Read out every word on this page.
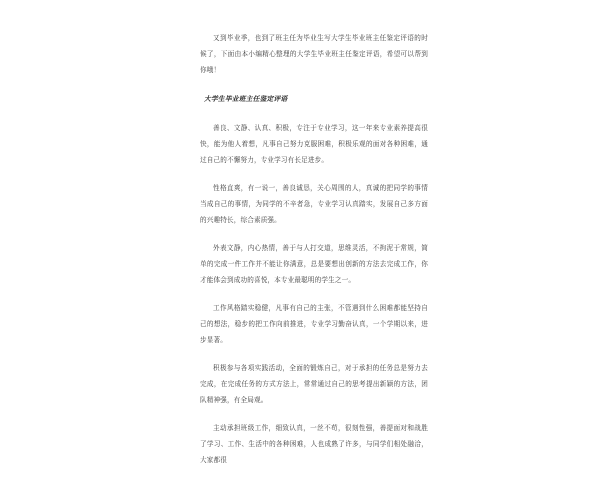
又到毕业季，也到了班主任为毕业生写大学生毕业班主任鉴定评语的时候了，下面由本小编精心整理的大学生毕业班主任鉴定评语，希望可以帮到你哦！

大学生毕业班主任鉴定评语

善良、文静、认真、积极，专注于专业学习，这一年来专业素养提高很快，能为他人着想，凡事自己努力克服困难，积极乐观的面对各种困难，通过自己的不懈努力，专业学习有长足进步。

性格直爽，有一说一，善良诚恳，关心周围的人，真诚的把同学的事情当成自己的事情，为同学的不辛者急，专业学习认真踏实，发展自己多方面的兴趣特长，综合素质强。

外表文静，内心热情，善于与人打交道，思维灵活，不拘泥于常规，简单的完成一件工作并不能让你满意，总是要想出创新的方法去完成工作，你才能体会到成功的喜悦，本专业最聪明的学生之一。

工作风格踏实稳健，凡事有自己的主张，不管遇到什么困难都能坚持自己的想法，稳步的把工作向前推进，专业学习勤奋认真，一个学期以来，进步显著。

积极参与各项实践活动，全面的锻炼自己，对于承担的任务总是努力去完成，在完成任务的方式方法上，常常通过自己的思考提出新颖的方法，团队精神强，有全局观。

主动承担班级工作，细致认真，一丝不苟，很刻性强，善提面对和战胜了学习、工作、生活中的各种困难，人也成熟了许多，与同学们相处融洽，大家都很
